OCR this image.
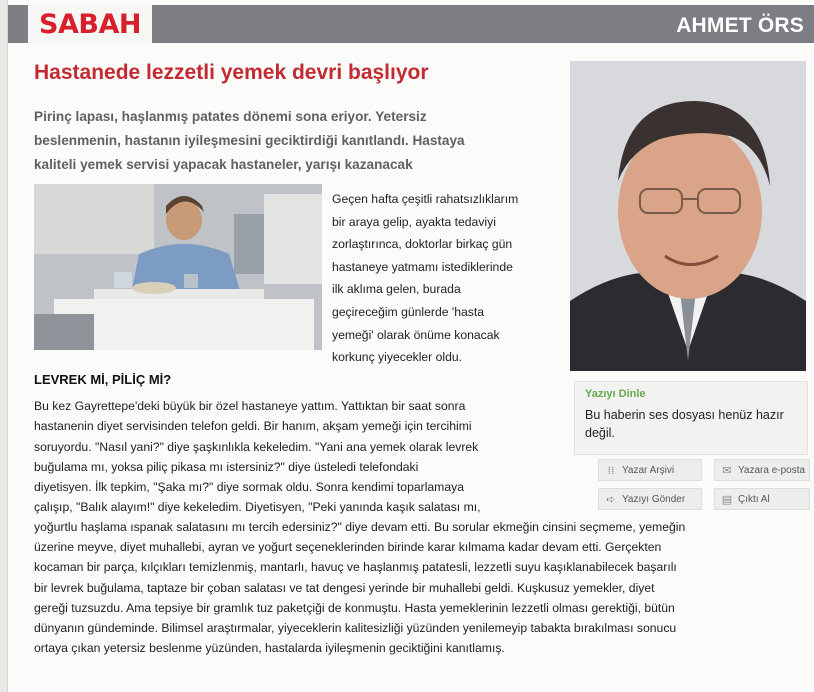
SABAH	AHMET ÖRS
Hastanede lezzetli yemek devri başlıyor

Pirinç lapası, haşlanmış patates dönemi sona eriyor. Yetersiz
beslenmenin, hastanın iyileşmesini geciktirdiği kanıtlandı. Hastaya
kaliteli yemek servisi yapacak hastaneler, yarışı kazanacak

Geçen hafta çeşitli rahatsızlıklarım
bir araya gelip, ayakta tedaviyi
zorlaştırınca, doktorlar birkaç gün
hastaneye yatmamı istediklerinde
ilk aklıma gelen, burada
geçireceğim günlerde 'hasta
yemeği' olarak önüme konacak
korkunç yiyecekler oldu.

LEVREK Mİ, PİLİÇ Mİ?

Bu kez Gayrettepe'deki büyük bir özel hastaneye yattım. Yattıktan bir saat sonra
hastanenin diyet servisinden telefon geldi. Bir hanım, akşam yemeği için tercihimi
soruyordu. "Nasıl yani?" diye şaşkınlıkla kekeledim. "Yani ana yemek olarak levrek
buğulama mı, yoksa piliç pikasa mı istersiniz?" diye üsteledi telefondaki
diyetisyen. İlk tepkim, "Şaka mı?" diye sormak oldu. Sonra kendimi toparlamaya
çalışıp, "Balık alayım!" diye kekeledim. Diyetisyen, "Peki yanında kaşık salatası mı,

yoğurtlu haşlama ıspanak salatasını mı tercih edersiniz?" diye devam etti. Bu sorular ekmeğin cinsini seçmeme, yemeğin
üzerine meyve, diyet muhallebi, ayran ve yoğurt seçeneklerinden birinde karar kılmama kadar devam etti. Gerçekten
kocaman bir parça, kılçıkları temizlenmiş, mantarlı, havuç ve haşlanmış patatesli, lezzetli suyu kaşıklanabilecek başarılı
bir levrek buğulama, taptaze bir çoban salatası ve tat dengesi yerinde bir muhallebi geldi. Kuşkusuz yemekler, diyet
gereği tuzsuzdu. Ama tepsiye bir gramlık tuz paketçiği de konmuştu. Hasta yemeklerinin lezzetli olması gerektiği, bütün
dünyanın gündeminde. Bilimsel araştırmalar, yiyeceklerin kalitesizliği yüzünden yenilemeyip tabakta bırakılması sonucu
ortaya çıkan yetersiz beslenme yüzünden, hastalarda iyileşmenin geciktiğini kanıtlamış.

Yazıyı Dinle
Bu haberin ses dosyası henüz hazır değil.
⁞⁞ Yazar Arşivi	✉ Yazara e-posta
➪ Yazıyı Gönder	▤ Çıktı Al
